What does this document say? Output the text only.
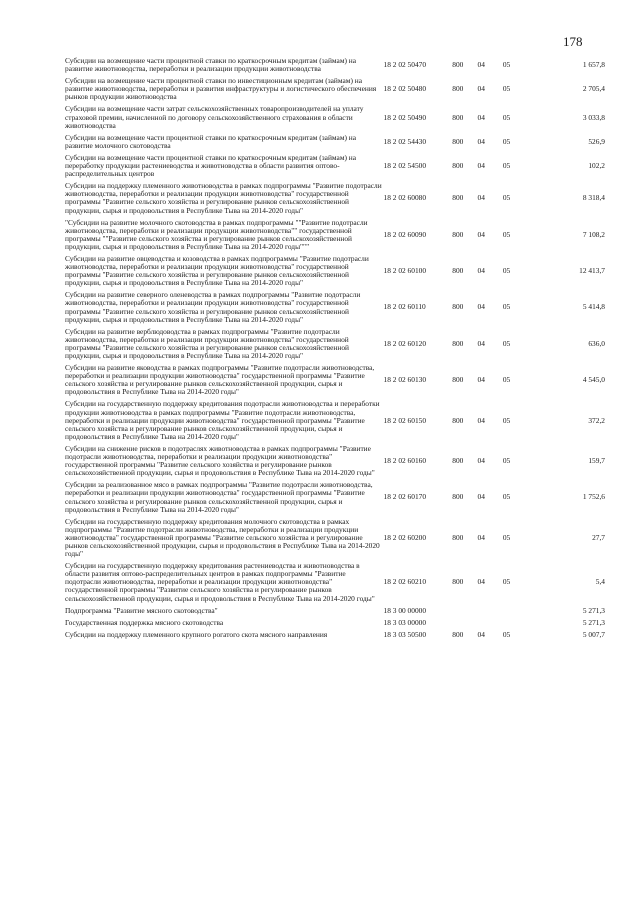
178
Субсидии на возмещение части процентной ставки по краткосрочным кредитам (займам) на развитие животноводства, переработки и реализации продукции животноводства	18 2 02 50470	800	04	05	1 657,8
Субсидии на возмещение части процентной ставки по инвестиционным кредитам (займам) на развитие животноводства, переработки и развития инфраструктуры и логистического обеспечения рынков продукции животноводства	18 2 02 50480	800	04	05	2 705,4
Субсидии на возмещение части затрат сельскохозяйственных товаропроизводителей на уплату страховой премии, начисленной по договору сельскохозяйственного страхования в области животноводства	18 2 02 50490	800	04	05	3 033,8
Субсидии на возмещение части процентной ставки по краткосрочным кредитам (займам) на развитие молочного скотоводства	18 2 02 54430	800	04	05	526,9
Субсидии на возмещение части процентной ставки по краткосрочным кредитам (займам) на переработку продукции растениеводства и животноводства в области развития оптово-распределительных центров	18 2 02 54500	800	04	05	102,2
Субсидии на поддержку племенного животноводства в рамках подпрограммы "Развитие подотрасли животноводства, переработки и реализации продукции животноводства" государственной программы "Развитие сельского хозяйства и регулирование рынков сельскохозяйственной продукции, сырья и продовольствия в Республике Тыва на 2014-2020 годы"	18 2 02 60080	800	04	05	8 318,4
"Субсидии на развитие молочного скотоводства в рамках подпрограммы ""Развитие подотрасли животноводства, переработки и реализации продукции животноводства"" государственной программы ""Развитие сельского хозяйства и регулирование рынков сельскохозяйственной продукции, сырья и продовольствия в Республике Тыва на 2014-2020 годы"""	18 2 02 60090	800	04	05	7 108,2
Субсидии на развитие овцеводства и козоводства в рамках подпрограммы "Развитие подотрасли животноводства, переработки и реализации продукции животноводства" государственной программы "Развитие сельского хозяйства и регулирование рынков сельскохозяйственной продукции, сырья и продовольствия в Республике Тыва на 2014-2020 годы"	18 2 02 60100	800	04	05	12 413,7
Субсидии на развитие северного оленеводства в рамках подпрограммы "Развитие подотрасли животноводства, переработки и реализации продукции животноводства" государственной программы "Развитие сельского хозяйства и регулирование рынков сельскохозяйственной продукции, сырья и продовольствия в Республике Тыва на 2014-2020 годы"	18 2 02 60110	800	04	05	5 414,8
Субсидии на развитие верблюдоводства в рамках подпрограммы "Развитие подотрасли животноводства, переработки и реализации продукции животноводства" государственной программы "Развитие сельского хозяйства и регулирование рынков сельскохозяйственной продукции, сырья и продовольствия в Республике Тыва на 2014-2020 годы"	18 2 02 60120	800	04	05	636,0
Субсидии на развитие яководства в рамках подпрограммы "Развитие подотрасли животноводства, переработки и реализации продукции животноводства" государственной программы "Развитие сельского хозяйства и регулирование рынков сельскохозяйственной продукции, сырья и продовольствия в Республике Тыва на 2014-2020 годы"	18 2 02 60130	800	04	05	4 545,0
Субсидии на государственную поддержку кредитования подотрасли животноводства и переработки продукции животноводства в рамках подпрограммы "Развитие подотрасли животноводства, переработки и реализации продукции животноводства" государственной программы "Развитие сельского хозяйства и регулирование рынков сельскохозяйственной продукции, сырья и продовольствия в Республике Тыва на 2014-2020 годы"	18 2 02 60150	800	04	05	372,2
Субсидии на снижение рисков в подотраслях животноводства в рамках подпрограммы "Развитие подотрасли животноводства, переработки и реализации продукции животноводства" государственной программы "Развитие сельского хозяйства и регулирование рынков сельскохозяйственной продукции, сырья и продовольствия в Республике Тыва на 2014-2020 годы"	18 2 02 60160	800	04	05	159,7
Субсидии за реализованное мясо в рамках подпрограммы "Развитие подотрасли животноводства, переработки и реализации продукции животноводства" государственной программы "Развитие сельского хозяйства и регулирование рынков сельскохозяйственной продукции, сырья и продовольствия в Республике Тыва на 2014-2020 годы"	18 2 02 60170	800	04	05	1 752,6
Субсидии на государственную поддержку кредитования молочного скотоводства в рамках подпрограммы "Развитие подотрасли животноводства, переработки и реализации продукции животноводства" государственной программы "Развитие сельского хозяйства и регулирование рынков сельскохозяйственной продукции, сырья и продовольствия в Республике Тыва на 2014-2020 годы"	18 2 02 60200	800	04	05	27,7
Субсидии на государственную поддержку кредитования растениеводства и животноводства в области развития оптово-распределительных центров в рамках подпрограммы "Развитие подотрасли животноводства, переработки и реализации продукции животноводства" государственной программы "Развитие сельского хозяйства и регулирование рынков сельскохозяйственной продукции, сырья и продовольствия в Республике Тыва на 2014-2020 годы"	18 2 02 60210	800	04	05	5,4
Подпрограмма "Развитие мясного скотоводства"	18 3 00 00000				5 271,3
Государственная поддержка мясного скотоводства	18 3 03 00000				5 271,3
Субсидии на поддержку племенного крупного рогатого скота мясного направления	18 3 03 50500	800	04	05	5 007,7
